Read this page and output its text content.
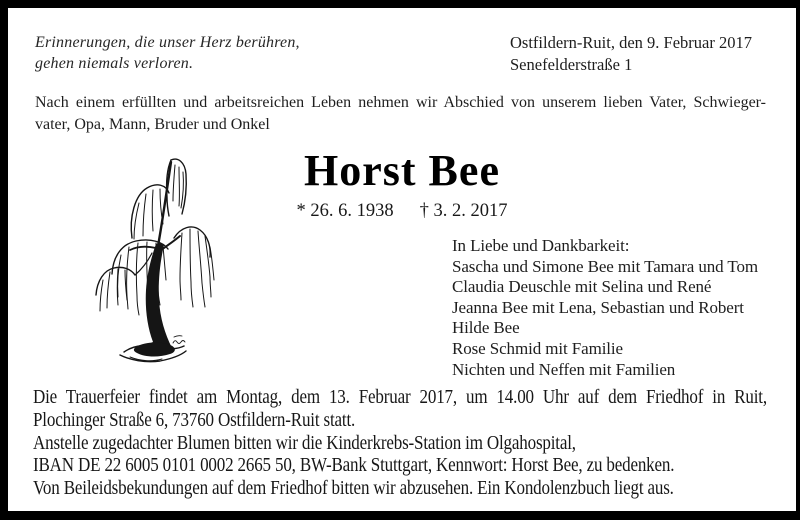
Erinnerungen, die unser Herz berühren,
gehen niemals verloren.
Ostfildern-Ruit, den 9. Februar 2017
Senefelderstraße 1
Nach einem erfüllten und arbeitsreichen Leben nehmen wir Abschied von unserem lieben Vater, Schwieger-
vater, Opa, Mann, Bruder und Onkel
Horst Bee
* 26. 6. 1938 † 3. 2. 2017
In Liebe und Dankbarkeit:
Sascha und Simone Bee mit Tamara und Tom
Claudia Deuschle mit Selina und René
Jeanna Bee mit Lena, Sebastian und Robert
Hilde Bee
Rose Schmid mit Familie
Nichten und Neffen mit Familien
Die Trauerfeier findet am Montag, dem 13. Februar 2017, um 14.00 Uhr auf dem Friedhof in Ruit,
Plochinger Straße 6, 73760 Ostfildern-Ruit statt.
Anstelle zugedachter Blumen bitten wir die Kinderkrebs-Station im Olgahospital,
IBAN DE 22 6005 0101 0002 2665 50, BW-Bank Stuttgart, Kennwort: Horst Bee, zu bedenken.
Von Beileidsbekundungen auf dem Friedhof bitten wir abzusehen. Ein Kondolenzbuch liegt aus.
